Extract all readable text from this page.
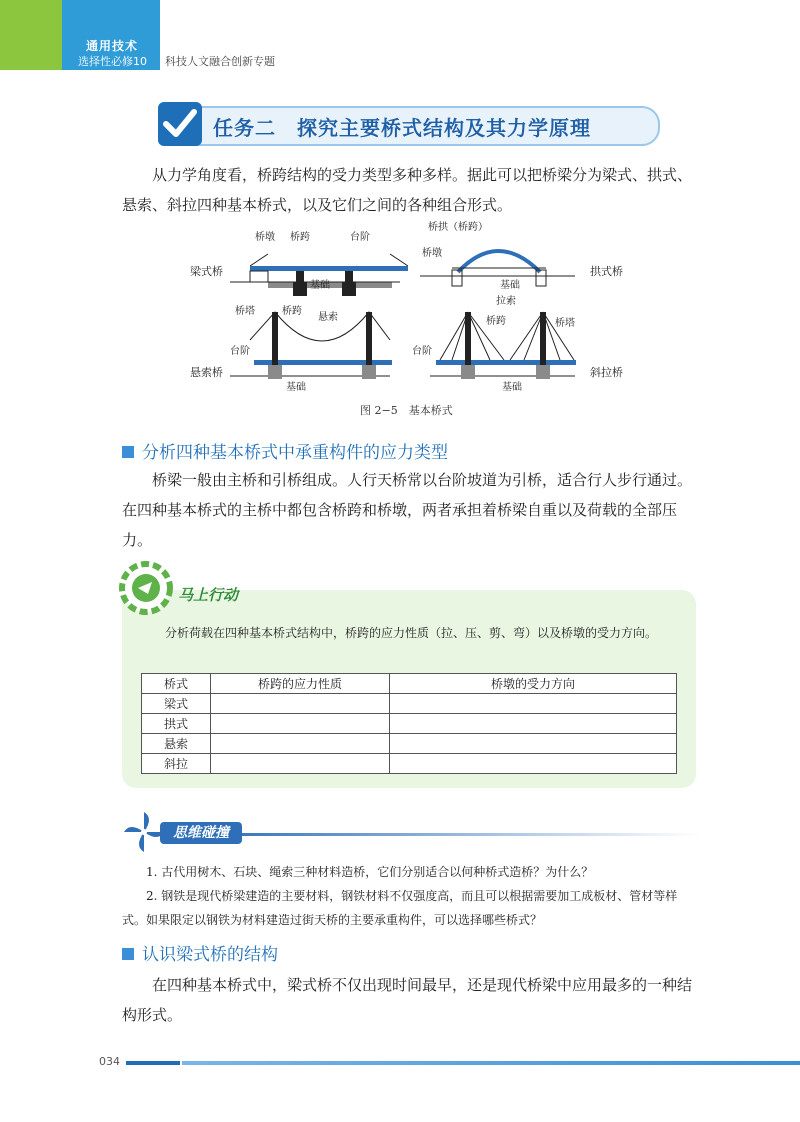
通用技术
选择性必修10 科技人文融合创新专题
任务二　探究主要桥式结构及其力学原理
从力学角度看，桥跨结构的受力类型多种多样。据此可以把桥梁分为梁式、拱式、悬索、斜拉四种基本桥式，以及它们之间的各种组合形式。
桥墩 桥跨	台阶
基础
梁式桥
桥拱（桥跨）
桥墩
基础
拱式桥
桥塔	桥跨
悬索
台阶
基础
悬索桥
拉索
桥跨	桥塔
台阶
基础
斜拉桥
图 2−5　基本桥式
分析四种基本桥式中承重构件的应力类型
桥梁一般由主桥和引桥组成。人行天桥常以台阶坡道为引桥，适合行人步行通过。在四种基本桥式的主桥中都包含桥跨和桥墩，两者承担着桥梁自重以及荷载的全部压力。
马上行动
分析荷载在四种基本桥式结构中，桥跨的应力性质（拉、压、剪、弯）以及桥墩的受力方向。
桥式	桥跨的应力性质	桥墩的受力方向
梁式		
拱式		
悬索		
斜拉		
思维碰撞
1. 古代用树木、石块、绳索三种材料造桥，它们分别适合以何种桥式造桥？为什么？
2. 钢铁是现代桥梁建造的主要材料，钢铁材料不仅强度高，而且可以根据需要加工成板材、管材等样式。如果限定以钢铁为材料建造过街天桥的主要承重构件，可以选择哪些桥式？
认识梁式桥的结构
在四种基本桥式中，梁式桥不仅出现时间最早，还是现代桥梁中应用最多的一种结构形式。
034
